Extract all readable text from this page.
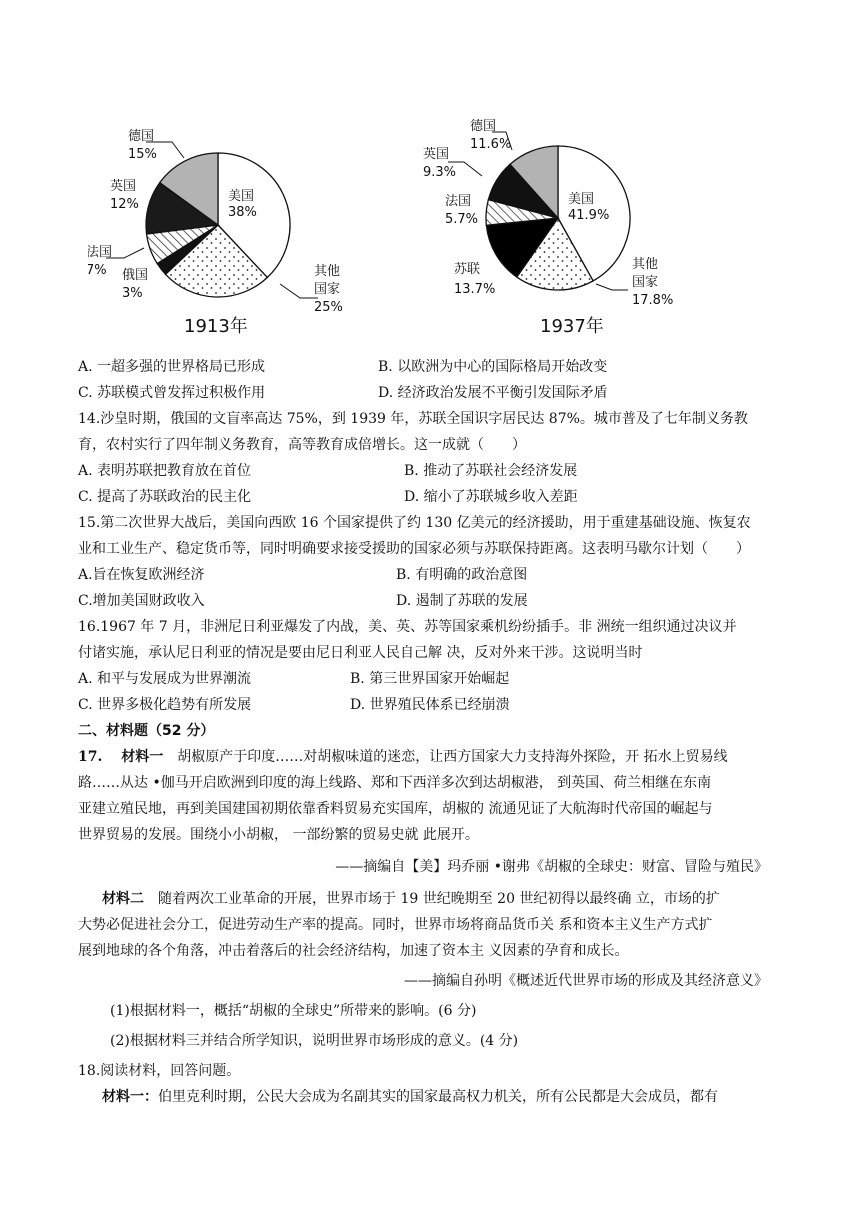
美国
38%
其他
国家
25%
俄国
3%
法国
7%
英国
12%
德国
15%
1913年
美国
41.9%
其他
国家
17.8%
苏联
13.7%
法国
5.7%
英国
9.3%
德国
11.6%
1937年
A. 一超多强的世界格局已形成	B. 以欧洲为中心的国际格局开始改变
C. 苏联模式曾发挥过积极作用	D. 经济政治发展不平衡引发国际矛盾

14.沙皇时期，俄国的文盲率高达 75%，到 1939 年，苏联全国识字居民达 87%。城市普及了七年制义务教

育，农村实行了四年制义务教育，高等教育成倍增长。这一成就（　　）

A. 表明苏联把教育放在首位	B. 推动了苏联社会经济发展
C. 提高了苏联政治的民主化	D. 缩小了苏联城乡收入差距

15.第二次世界大战后，美国向西欧 16 个国家提供了约 130 亿美元的经济援助，用于重建基础设施、恢复农

业和工业生产、稳定货币等，同时明确要求接受援助的国家必须与苏联保持距离。这表明马歇尔计划（　　）

A.旨在恢复欧洲经济	B. 有明确的政治意图
C.增加美国财政收入	D. 遏制了苏联的发展

16.1967 年 7 月，非洲尼日利亚爆发了内战，美、英、苏等国家乘机纷纷插手。非 洲统一组织通过决议并

付诸实施，承认尼日利亚的情况是要由尼日利亚人民自己解 决，反对外来干涉。这说明当时

A. 和平与发展成为世界潮流	B. 第三世界国家开始崛起
C. 世界多极化趋势有所发展	D. 世界殖民体系已经崩溃

二、材料题（52 分）

17.　 材料一　胡椒原产于印度……对胡椒味道的迷恋，让西方国家大力支持海外探险，开 拓水上贸易线

路……从达 •伽马开启欧洲到印度的海上线路、郑和下西洋多次到达胡椒港， 到英国、荷兰相继在东南

亚建立殖民地，再到美国建国初期依靠香料贸易充实国库，胡椒的 流通见证了大航海时代帝国的崛起与

世界贸易的发展。围绕小小胡椒， 一部纷繁的贸易史就 此展开。

——摘编自【美】玛乔丽 •谢弗《胡椒的全球史：财富、冒险与殖民》

材料二　随着两次工业革命的开展，世界市场于 19 世纪晚期至 20 世纪初得以最终确 立，市场的扩

大势必促进社会分工，促进劳动生产率的提高。同时，世界市场将商品货币关 系和资本主义生产方式扩

展到地球的各个角落，冲击着落后的社会经济结构，加速了资本主 义因素的孕育和成长。

——摘编自孙明《概述近代世界市场的形成及其经济意义》

(1)根据材料一，概括“胡椒的全球史”所带来的影响。(6 分)

(2)根据材料三并结合所学知识，说明世界市场形成的意义。(4 分)

18.阅读材料，回答问题。

材料一：伯里克利时期，公民大会成为名副其实的国家最高权力机关，所有公民都是大会成员，都有
